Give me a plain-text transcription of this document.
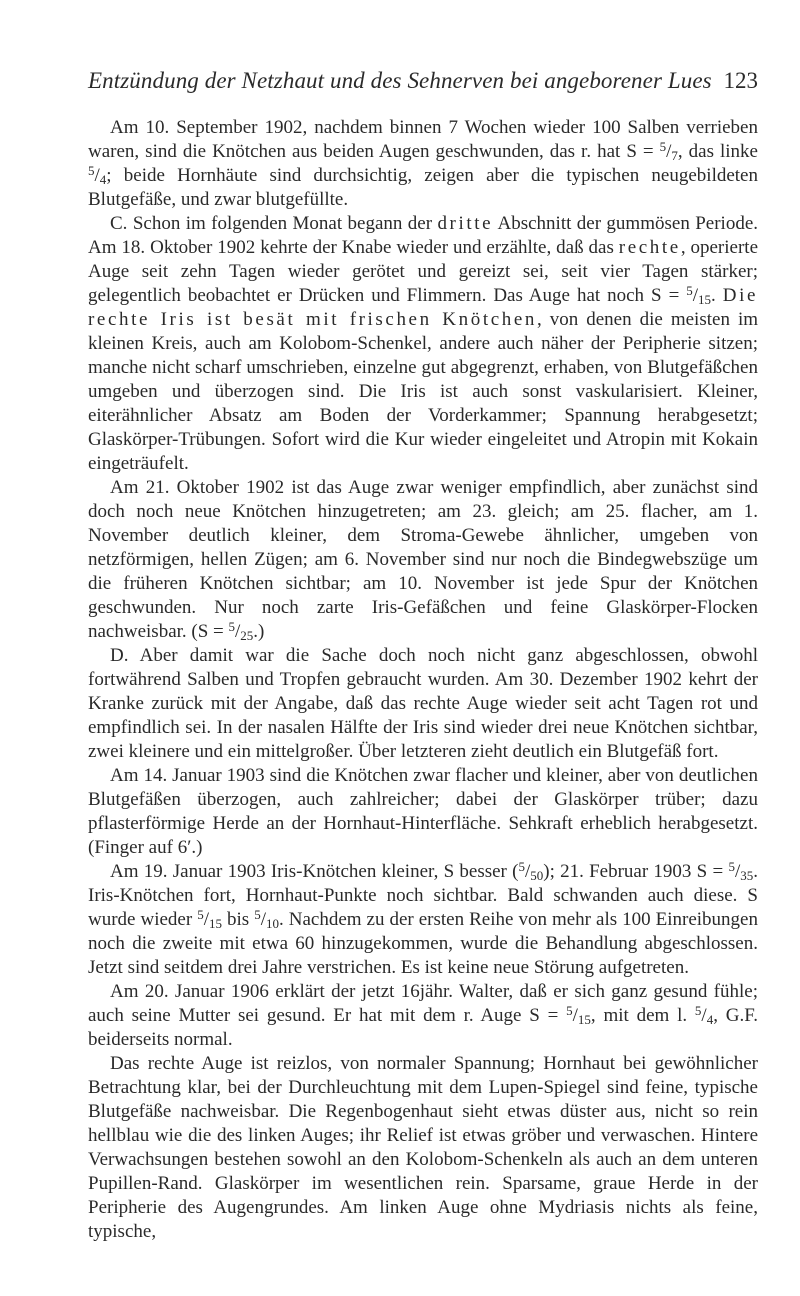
Entzündung der Netzhaut und des Sehnerven bei angeborener Lues 123

Am 10. September 1902, nachdem binnen 7 Wochen wieder 100 Salben verrieben waren, sind die Knötchen aus beiden Augen geschwunden, das r. hat $S = ^5/_7$, das linke $^5/_4$; beide Hornhäute sind durchsichtig, zeigen aber die typischen neugebildeten Blutgefäße, und zwar blutgefüllte.

C. Schon im folgenden Monat begann der dritte Abschnitt der gummösen Periode. Am 18. Oktober 1902 kehrte der Knabe wieder und erzählte, daß das rechte, operierte Auge seit zehn Tagen wieder gerötet und gereizt sei, seit vier Tagen stärker; gelegentlich beobachtet er Drücken und Flimmern. Das Auge hat noch $S = ^5/_{15}$. Die rechte Iris ist besät mit frischen Knötchen, von denen die meisten im kleinen Kreis, auch am Kolobom-Schenkel, andere auch näher der Peripherie sitzen; manche nicht scharf umschrieben, einzelne gut abgegrenzt, erhaben, von Blutgefäßchen umgeben und überzogen sind. Die Iris ist auch sonst vaskularisiert. Kleiner, eiterähnlicher Absatz am Boden der Vorderkammer; Spannung herabgesetzt; Glaskörper-Trübungen. Sofort wird die Kur wieder eingeleitet und Atropin mit Kokain eingeträufelt.

Am 21. Oktober 1902 ist das Auge zwar weniger empfindlich, aber zunächst sind doch noch neue Knötchen hinzugetreten; am 23. gleich; am 25. flacher, am 1. November deutlich kleiner, dem Stroma-Gewebe ähnlicher, umgeben von netzförmigen, hellen Zügen; am 6. November sind nur noch die Bindegwebszüge um die früheren Knötchen sichtbar; am 10. November ist jede Spur der Knötchen geschwunden. Nur noch zarte Iris-Gefäßchen und feine Glaskörper-Flocken nachweisbar. $(S = ^5/_{25}.)$

D. Aber damit war die Sache doch noch nicht ganz abgeschlossen, obwohl fortwährend Salben und Tropfen gebraucht wurden. Am 30. Dezember 1902 kehrt der Kranke zurück mit der Angabe, daß das rechte Auge wieder seit acht Tagen rot und empfindlich sei. In der nasalen Hälfte der Iris sind wieder drei neue Knötchen sichtbar, zwei kleinere und ein mittelgroßer. Über letzteren zieht deutlich ein Blutgefäß fort.

Am 14. Januar 1903 sind die Knötchen zwar flacher und kleiner, aber von deutlichen Blutgefäßen überzogen, auch zahlreicher; dabei der Glaskörper trüber; dazu pflasterförmige Herde an der Hornhaut-Hinterfläche. Sehkraft erheblich herabgesetzt. (Finger auf 6′.)

Am 19. Januar 1903 Iris-Knötchen kleiner, S besser $(^5/_{50})$; 21. Februar 1903 $S = ^5/_{35}$. Iris-Knötchen fort, Hornhaut-Punkte noch sichtbar. Bald schwanden auch diese. S wurde wieder $^5/_{15}$ bis $^5/_{10}$. Nachdem zu der ersten Reihe von mehr als 100 Einreibungen noch die zweite mit etwa 60 hinzugekommen, wurde die Behandlung abgeschlossen. Jetzt sind seitdem drei Jahre verstrichen. Es ist keine neue Störung aufgetreten.

Am 20. Januar 1906 erklärt der jetzt 16jähr. Walter, daß er sich ganz gesund fühle; auch seine Mutter sei gesund. Er hat mit dem r. Auge $S = ^5/_{15}$, mit dem l. $^5/_4$, G.F. beiderseits normal.

Das rechte Auge ist reizlos, von normaler Spannung; Hornhaut bei gewöhnlicher Betrachtung klar, bei der Durchleuchtung mit dem Lupen-Spiegel sind feine, typische Blutgefäße nachweisbar. Die Regenbogenhaut sieht etwas düster aus, nicht so rein hellblau wie die des linken Auges; ihr Relief ist etwas gröber und verwaschen. Hintere Verwachsungen bestehen sowohl an den Kolobom-Schenkeln als auch an dem unteren Pupillen-Rand. Glaskörper im wesentlichen rein. Sparsame, graue Herde in der Peripherie des Augengrundes. Am linken Auge ohne Mydriasis nichts als feine, typische,
